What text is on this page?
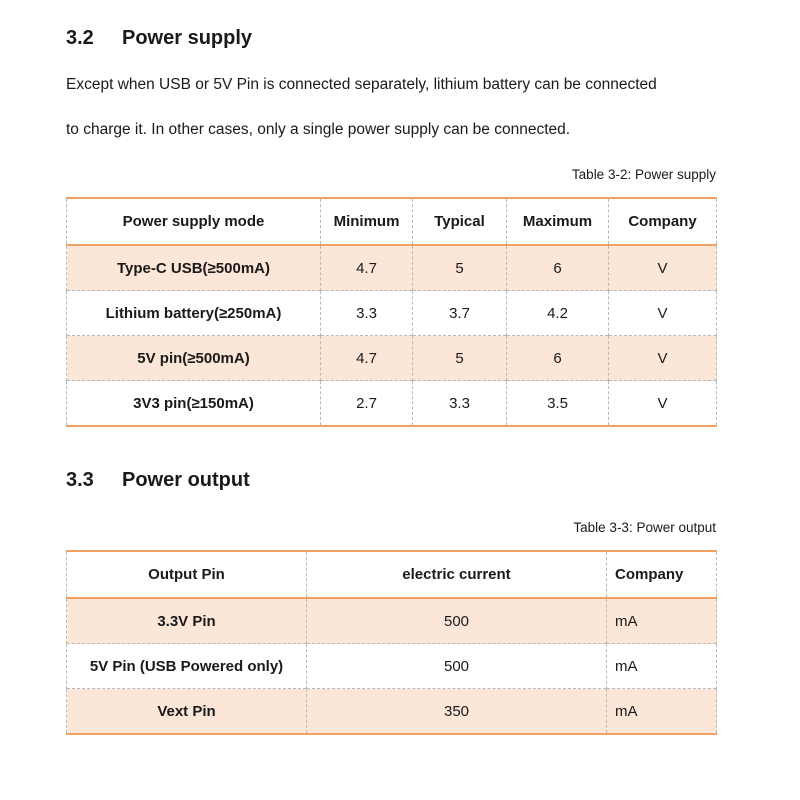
3.2 Power supply

Except when USB or 5V Pin is connected separately, lithium battery can be connected

to charge it. In other cases, only a single power supply can be connected.

Table 3-2: Power supply

Power supply mode	Minimum	Typical	Maximum	Company
Type-C USB(≥500mA)	4.7	5	6	V
Lithium battery(≥250mA)	3.3	3.7	4.2	V
5V pin(≥500mA)	4.7	5	6	V
3V3 pin(≥150mA)	2.7	3.3	3.5	V
3.3 Power output

Table 3-3: Power output

Output Pin	electric current	Company
3.3V Pin	500	mA
5V Pin (USB Powered only)	500	mA
Vext Pin	350	mA
